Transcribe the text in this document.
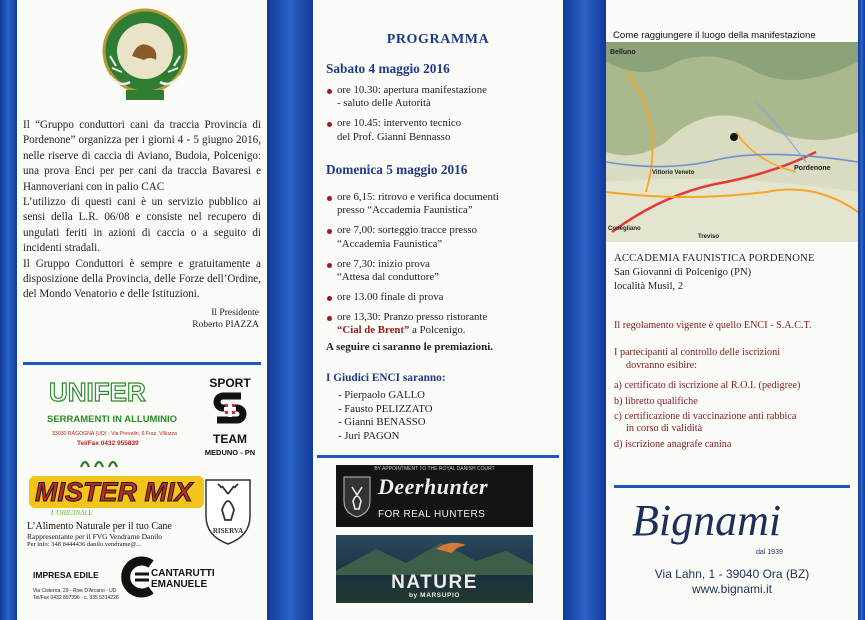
Il “Gruppo conduttori cani da traccia Provincia di Pordenone” organizza per i giorni 4 - 5 giugno 2016, nelle riserve di caccia di Aviano, Budoia, Polcenigo: una prova Enci per per cani da traccia Bavaresi e Hannoveriani con in palio CAC

L’utilizzo di questi cani è un servizio pubblico ai sensi della L.R. 06/08 e consiste nel recupero di ungulati feriti in azioni di caccia o a seguito di incidenti stradali.

Il Gruppo Conduttori è sempre e gratuitamente a disposizione della Provincia, delle Forze dell’Ordine, del Mondo Venatorio e delle Istituzioni.

Il Presidente
Roberto PIAZZA
UNIFER
SERRAMENTI IN ALLUMINIO
33030 RAGOGNA (UD) - Via Prevalin, 6 Fraz. Villuzza
Tel/Fax 0432 955839
SPORT
TEAM
MEDUNO - PN
MISTER MIX
L'ORIGINALE
L’Alimento Naturale per il tuo Cane
Rappresentante per il FVG Vendrame Danilo
Per info: 348 8444436 danilo.vendrame@...
RISERVA
IMPRESA EDILE
Via Cisterna, 29 - Rive D'Arcano - UD
Tel/Fax 0432 807396 - c. 335 5314226
CANTARUTTI
EMANUELE
PROGRAMMA
Sabato 4 maggio 2016
ore 10.30: apertura manifestazione
- saluto delle Autorità
ore 10.45: intervento tecnico
del Prof. Gianni Bennasso
Domenica 5 maggio 2016
ore 6,15: ritrovo e verifica documenti
presso “Accademia Faunistica”
ore 7,00: sorteggio tracce presso
“Accademia Faunistica”
ore 7,30: inizio prova
“Attesa dal conduttore”
ore 13.00 finale di prova
ore 13,30: Pranzo presso ristorante
“Cial de Brent” a Polcenigo.
A seguire ci saranno le premiazioni.
I Giudici ENCI saranno:
- Pierpaolo GALLO
- Fausto PELIZZATO
- Gianni BENASSO
- Juri PAGON
BY APPOINTMENT TO THE ROYAL DANISH COURT
Deerhunter
FOR REAL HUNTERS
NATURE
by MARSUPIO
Come raggiungere il luogo della manifestazione
Belluno
Pordenone
Vittorio Veneto
Conegliano
Treviso
ACCADEMIA FAUNISTICA PORDENONE
San Giovanni di Polcenigo (PN)
località Musil, 2
Il regolamento vigente è quello ENCI - S.A.C.T.
I partecipanti al controllo delle iscrizioni
dovranno esibire:
a) certificato di iscrizione al R.O.I. (pedigree)
b) libretto qualifiche
c) certificazione di vaccinazione anti rabbica
in corso di validità
d) iscrizione anagrafe canina
Bignami
dal 1939
Via Lahn, 1 - 39040 Ora (BZ)
www.bignami.it
